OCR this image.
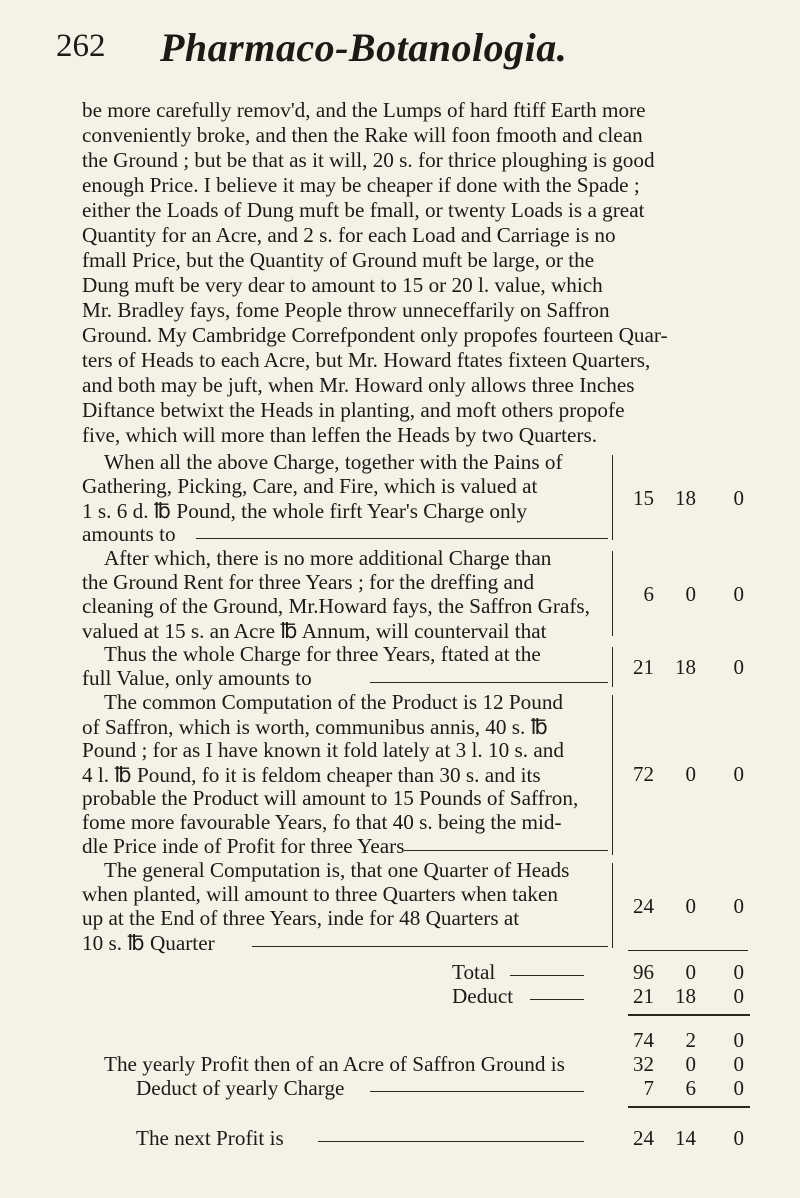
262 Pharmaco-Botanologia.
be more carefully remov'd, and the Lumps of hard ftiff Earth more
conveniently broke, and then the Rake will foon fmooth and clean
the Ground ; but be that as it will, 20 s. for thrice ploughing is good
enough Price. I believe it may be cheaper if done with the Spade ;
either the Loads of Dung muft be fmall, or twenty Loads is a great
Quantity for an Acre, and 2 s. for each Load and Carriage is no
fmall Price, but the Quantity of Ground muft be large, or the
Dung muft be very dear to amount to 15 or 20 l. value, which
Mr. Bradley fays, fome People throw unneceffarily on Saffron
Ground. My Cambridge Correfpondent only propofes fourteen Quar-
ters of Heads to each Acre, but Mr. Howard ftates fixteen Quarters,
and both may be juft, when Mr. Howard only allows three Inches
Diftance betwixt the Heads in planting, and moft others propofe
five, which will more than leffen the Heads by two Quarters.
When all the above Charge, together with the Pains of
Gathering, Picking, Care, and Fire, which is valued at
1 s. 6 d. ℔ Pound, the whole firft Year's Charge only
amounts to
15	18	0
After which, there is no more additional Charge than
the Ground Rent for three Years ; for the dreffing and
cleaning of the Ground, Mr.Howard fays, the Saffron Grafs,
valued at 15 s. an Acre ℔ Annum, will countervail that
6	0	0
Thus the whole Charge for three Years, ftated at the
full Value, only amounts to	21	18	0
The common Computation of the Product is 12 Pound
of Saffron, which is worth, communibus annis, 40 s. ℔
Pound ; for as I have known it fold lately at 3 l. 10 s. and
4 l. ℔ Pound, fo it is feldom cheaper than 30 s. and its
probable the Product will amount to 15 Pounds of Saffron,
fome more favourable Years, fo that 40 s. being the mid-
dle Price inde of Profit for three Years
72	0	0
The general Computation is, that one Quarter of Heads
when planted, will amount to three Quarters when taken
up at the End of three Years, inde for 48 Quarters at
10 s. ℔ Quarter
24	0	0
Total	96	0	0
Deduct	21	18	0
74	2	0
The yearly Profit then of an Acre of Saffron Ground is	32	0	0
Deduct of yearly Charge	7	6	0
The next Profit is	24	14	0
